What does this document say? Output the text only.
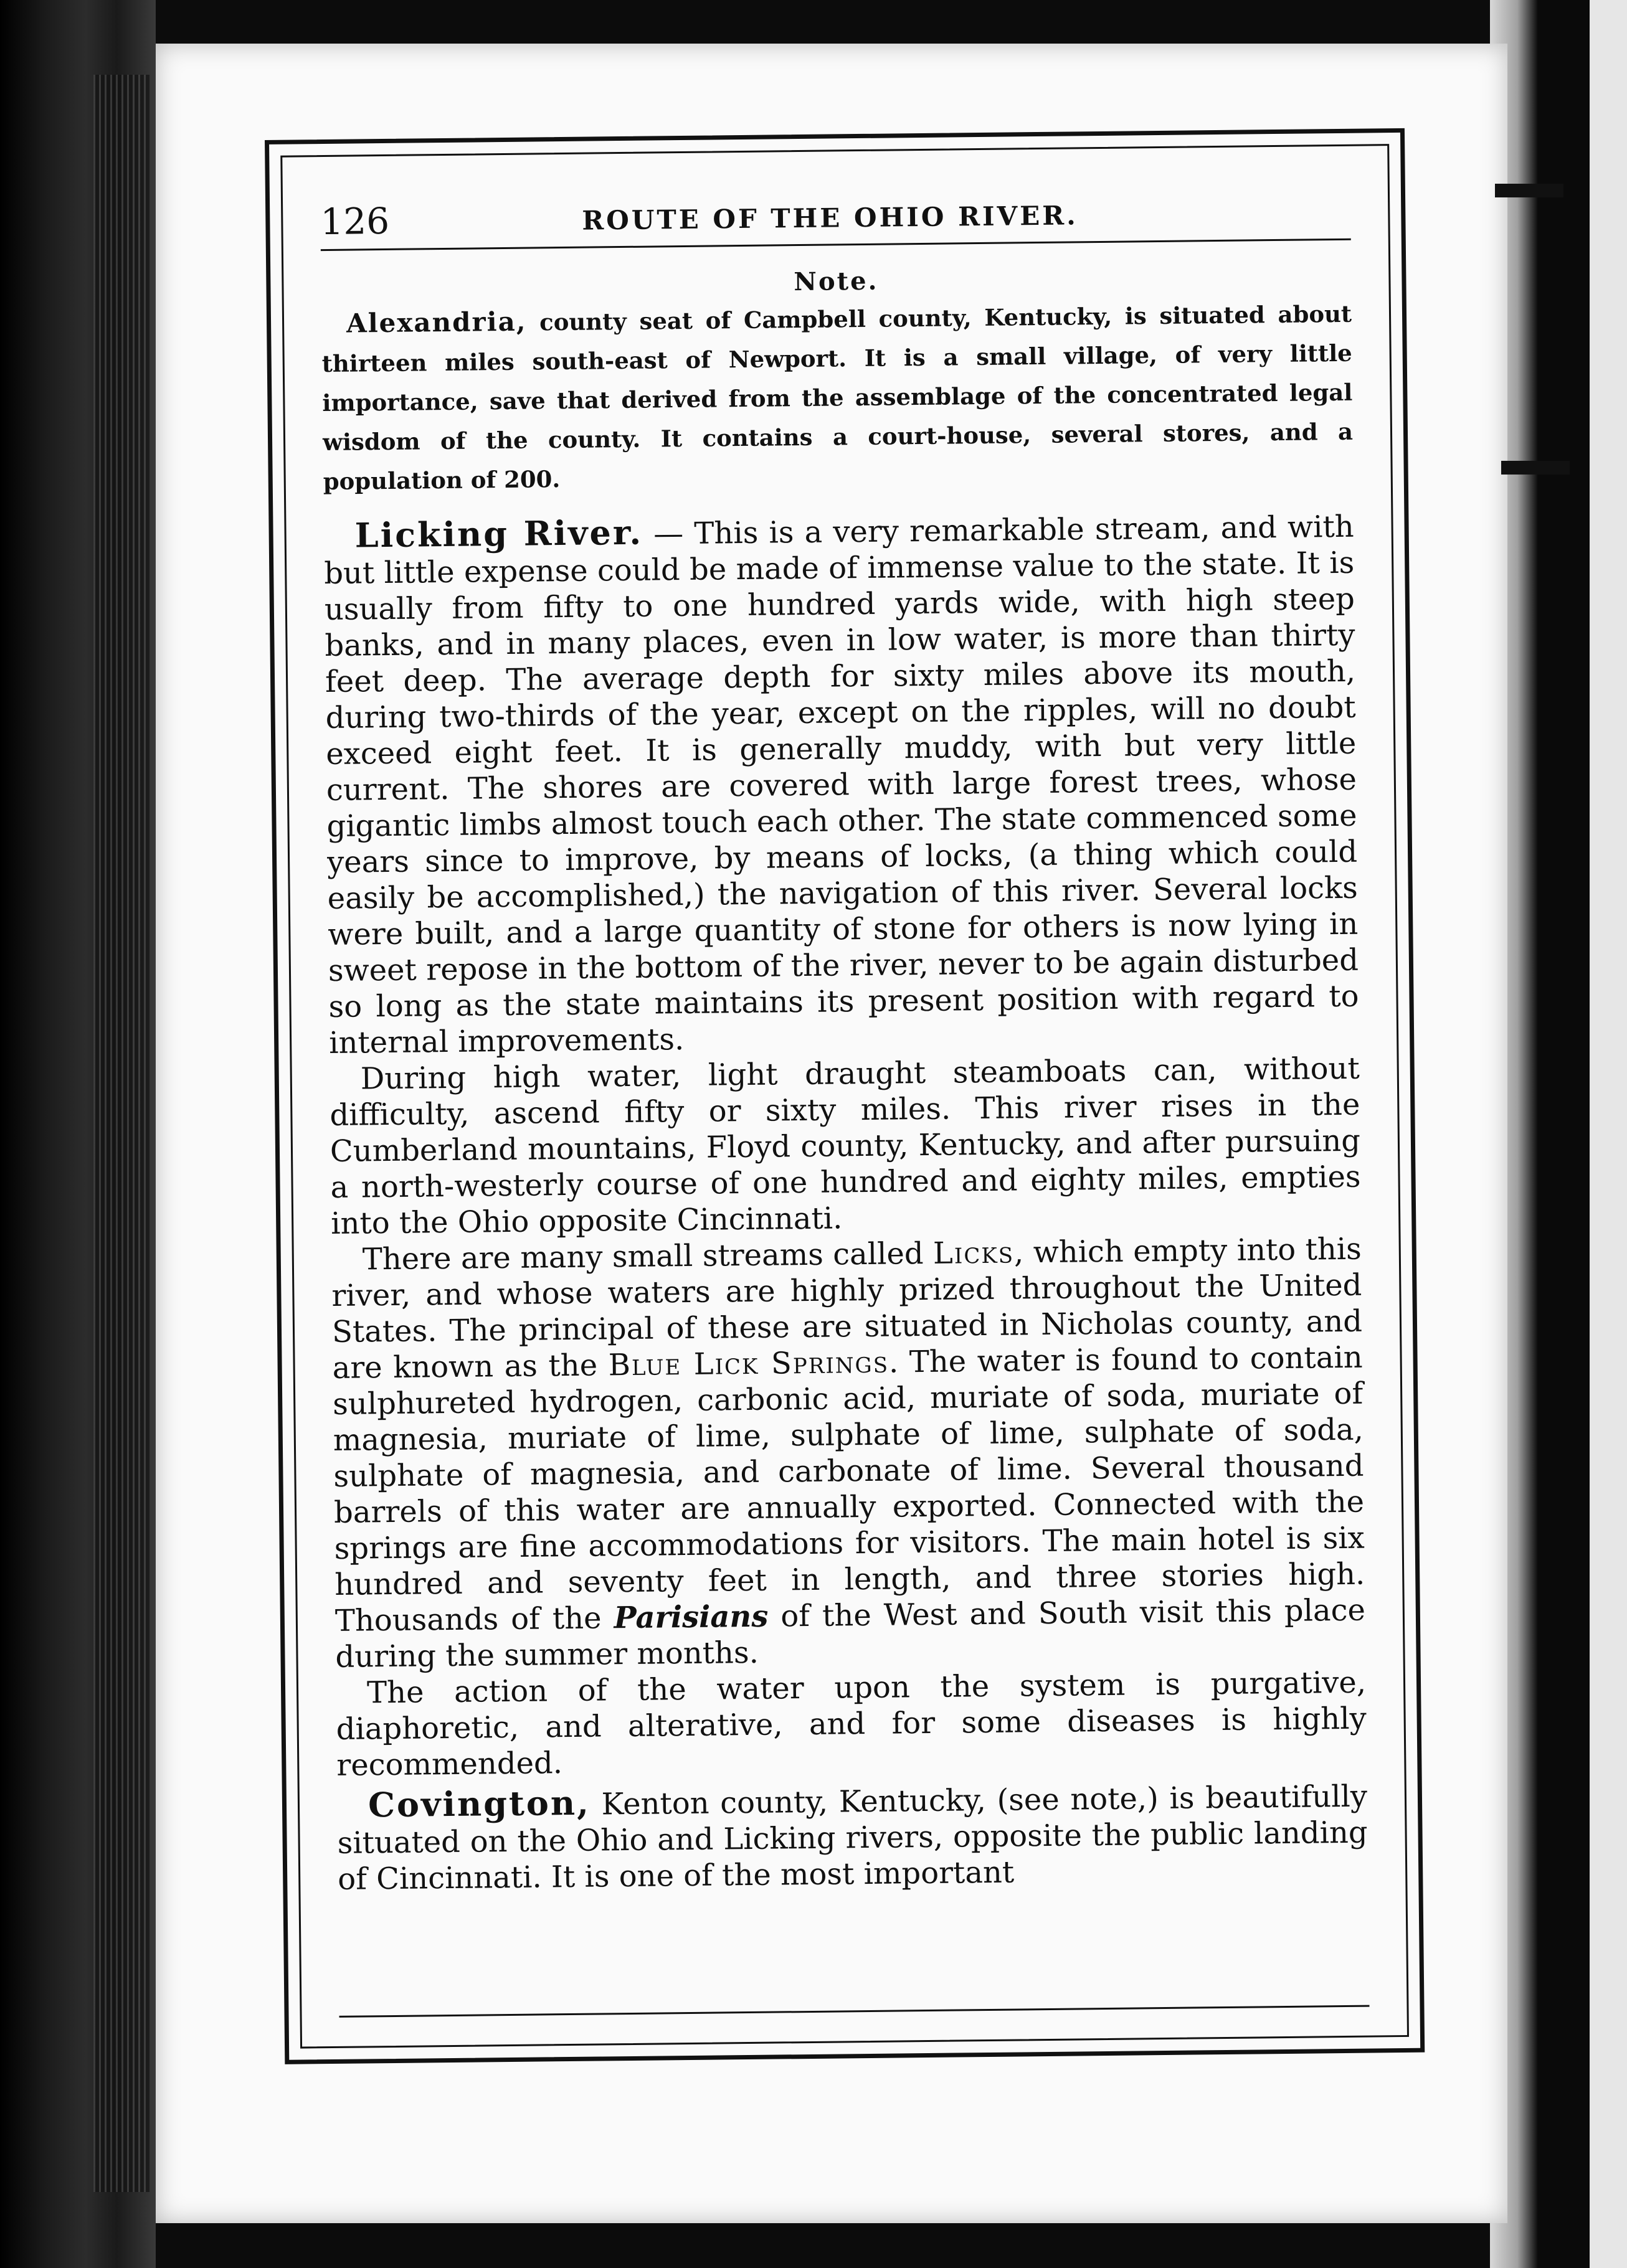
126	ROUTE OF THE OHIO RIVER.
Note.

Alexandria, county seat of Campbell county, Kentucky, is situated about thirteen miles south-east of Newport. It is a small village, of very little importance, save that derived from the assemblage of the concentrated legal wisdom of the county. It contains a court-house, several stores, and a population of 200.

Licking River. — This is a very remarkable stream, and with but little expense could be made of immense value to the state. It is usually from fifty to one hundred yards wide, with high steep banks, and in many places, even in low water, is more than thirty feet deep. The average depth for sixty miles above its mouth, during two-thirds of the year, except on the ripples, will no doubt exceed eight feet. It is generally muddy, with but very little current. The shores are covered with large forest trees, whose gigantic limbs almost touch each other. The state commenced some years since to improve, by means of locks, (a thing which could easily be accomplished,) the navigation of this river. Several locks were built, and a large quantity of stone for others is now lying in sweet repose in the bottom of the river, never to be again disturbed so long as the state maintains its present position with regard to internal improvements.

During high water, light draught steamboats can, without difficulty, ascend fifty or sixty miles. This river rises in the Cumberland mountains, Floyd county, Kentucky, and after pursuing a north-westerly course of one hundred and eighty miles, empties into the Ohio opposite Cincinnati.

There are many small streams called Licks, which empty into this river, and whose waters are highly prized throughout the United States. The principal of these are situated in Nicholas county, and are known as the Blue Lick Springs. The water is found to contain sulphureted hydrogen, carbonic acid, muriate of soda, muriate of magnesia, muriate of lime, sulphate of lime, sulphate of soda, sulphate of magnesia, and carbonate of lime. Several thousand barrels of this water are annually exported. Connected with the springs are fine accommodations for visitors. The main hotel is six hundred and seventy feet in length, and three stories high. Thousands of the Parisians of the West and South visit this place during the summer months.

The action of the water upon the system is purgative, diaphoretic, and alterative, and for some diseases is highly recommended.

Covington, Kenton county, Kentucky, (see note,) is beautifully situated on the Ohio and Licking rivers, opposite the public landing of Cincinnati. It is one of the most important
